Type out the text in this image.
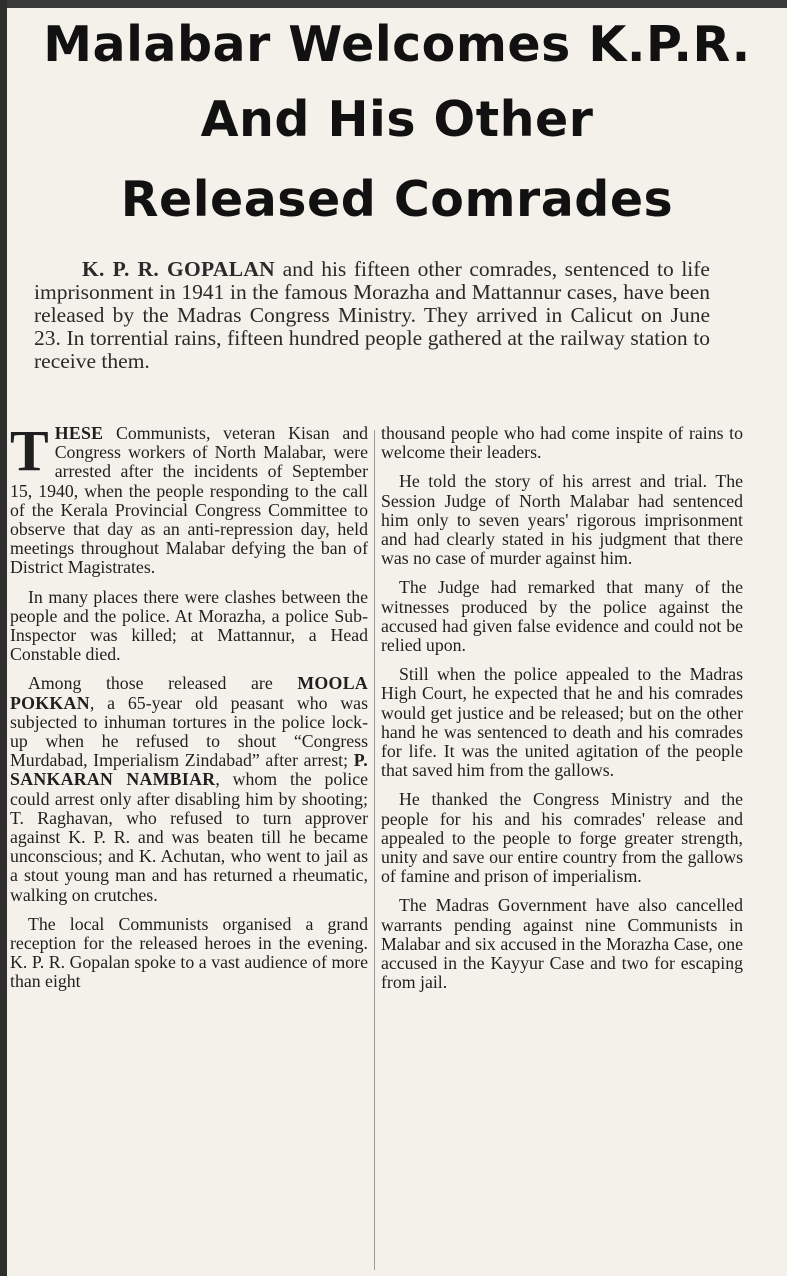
Malabar Welcomes K.P.R.
And His Other
Released Comrades

K. P. R. GOPALAN and his fifteen other comrades, sentenced to life imprisonment in 1941 in the famous Morazha and Mattannur cases, have been released by the Madras Congress Ministry. They arrived in Calicut on June 23. In torrential rains, fifteen hundred people gathered at the railway station to receive them.

THESE Communists, veteran Kisan and Congress workers of North Malabar, were arrested after the incidents of September 15, 1940, when the people responding to the call of the Kerala Provincial Congress Committee to observe that day as an anti-repression day, held meetings throughout Malabar defying the ban of District Magistrates.

In many places there were clashes between the people and the police. At Morazha, a police Sub-Inspector was killed; at Mattannur, a Head Constable died.

Among those released are MOOLA POKKAN, a 65-year old peasant who was subjected to inhuman tortures in the police lock-up when he refused to shout “Congress Murdabad, Imperialism Zindabad” after arrest; P. SANKARAN NAMBIAR, whom the police could arrest only after disabling him by shooting; T. Raghavan, who refused to turn approver against K. P. R. and was beaten till he became unconscious; and K. Achutan, who went to jail as a stout young man and has returned a rheumatic, walking on crutches.

The local Communists organised a grand reception for the released heroes in the evening. K. P. R. Gopalan spoke to a vast audience of more than eight

thousand people who had come inspite of rains to welcome their leaders.

He told the story of his arrest and trial. The Session Judge of North Malabar had sentenced him only to seven years' rigorous imprisonment and had clearly stated in his judgment that there was no case of murder against him.

The Judge had remarked that many of the witnesses produced by the police against the accused had given false evidence and could not be relied upon.

Still when the police appealed to the Madras High Court, he expected that he and his comrades would get justice and be released; but on the other hand he was sentenced to death and his comrades for life. It was the united agitation of the people that saved him from the gallows.

He thanked the Congress Ministry and the people for his and his comrades' release and appealed to the people to forge greater strength, unity and save our entire country from the gallows of famine and prison of imperialism.

The Madras Government have also cancelled warrants pending against nine Communists in Malabar and six accused in the Morazha Case, one accused in the Kayyur Case and two for escaping from jail.
